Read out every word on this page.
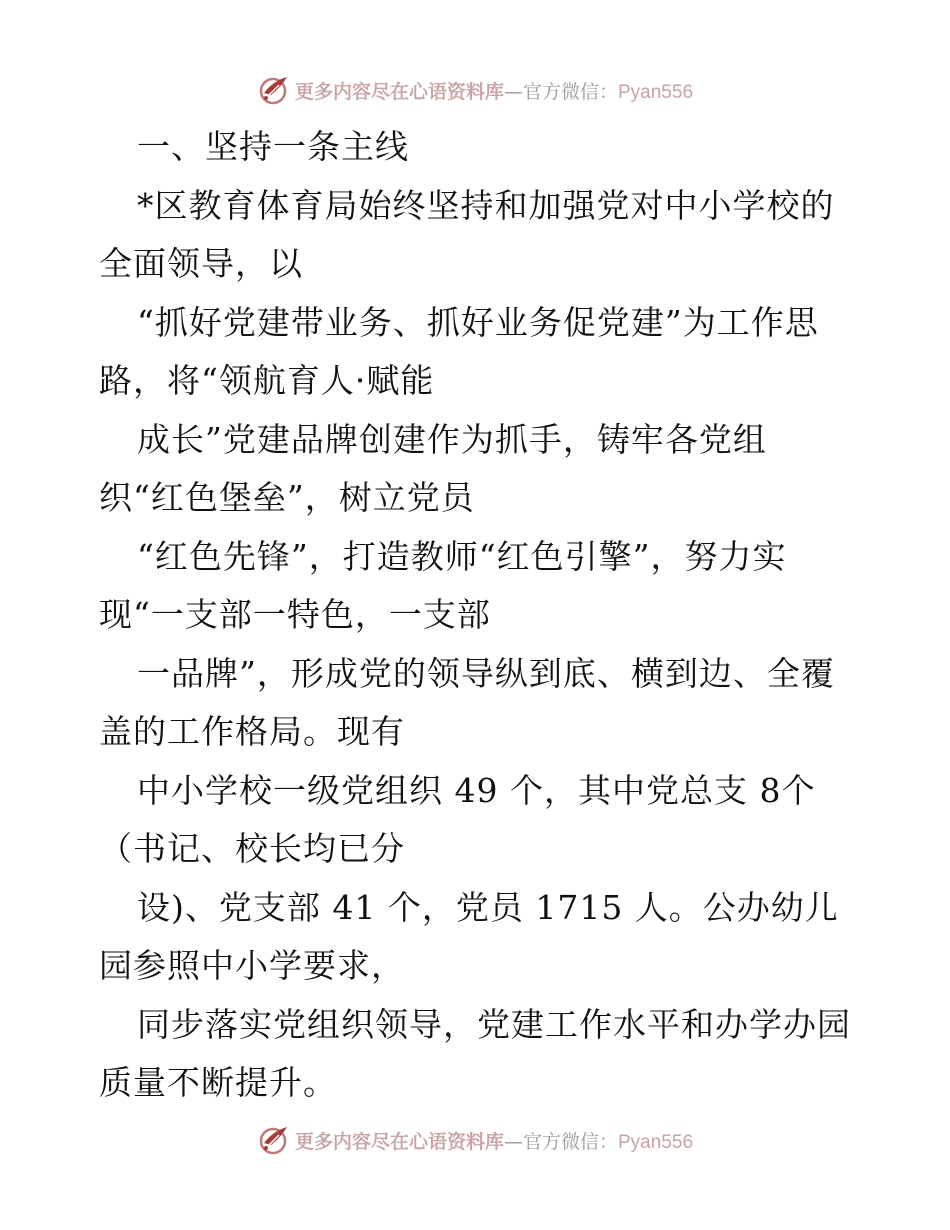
更多内容尽在心语资料库 — 官方微信： Pyan556

一、坚持一条主线

*区教育体育局始终坚持和加强党对中小学校的

全面领导，以

“抓好党建带业务、抓好业务促党建”为工作思

路，将“领航育人·赋能

成长”党建品牌创建作为抓手，铸牢各党组

织“红色堡垒”，树立党员

“红色先锋”，打造教师“红色引擎”，努力实

现“一支部一特色，一支部

一品牌”，形成党的领导纵到底、横到边、全覆

盖的工作格局。现有

中小学校一级党组织 49 个，其中党总支 8个

（书记、校长均已分

设)、党支部 41 个，党员 1715 人。公办幼儿

园参照中小学要求，

同步落实党组织领导，党建工作水平和办学办园

质量不断提升。

更多内容尽在心语资料库 — 官方微信： Pyan556
